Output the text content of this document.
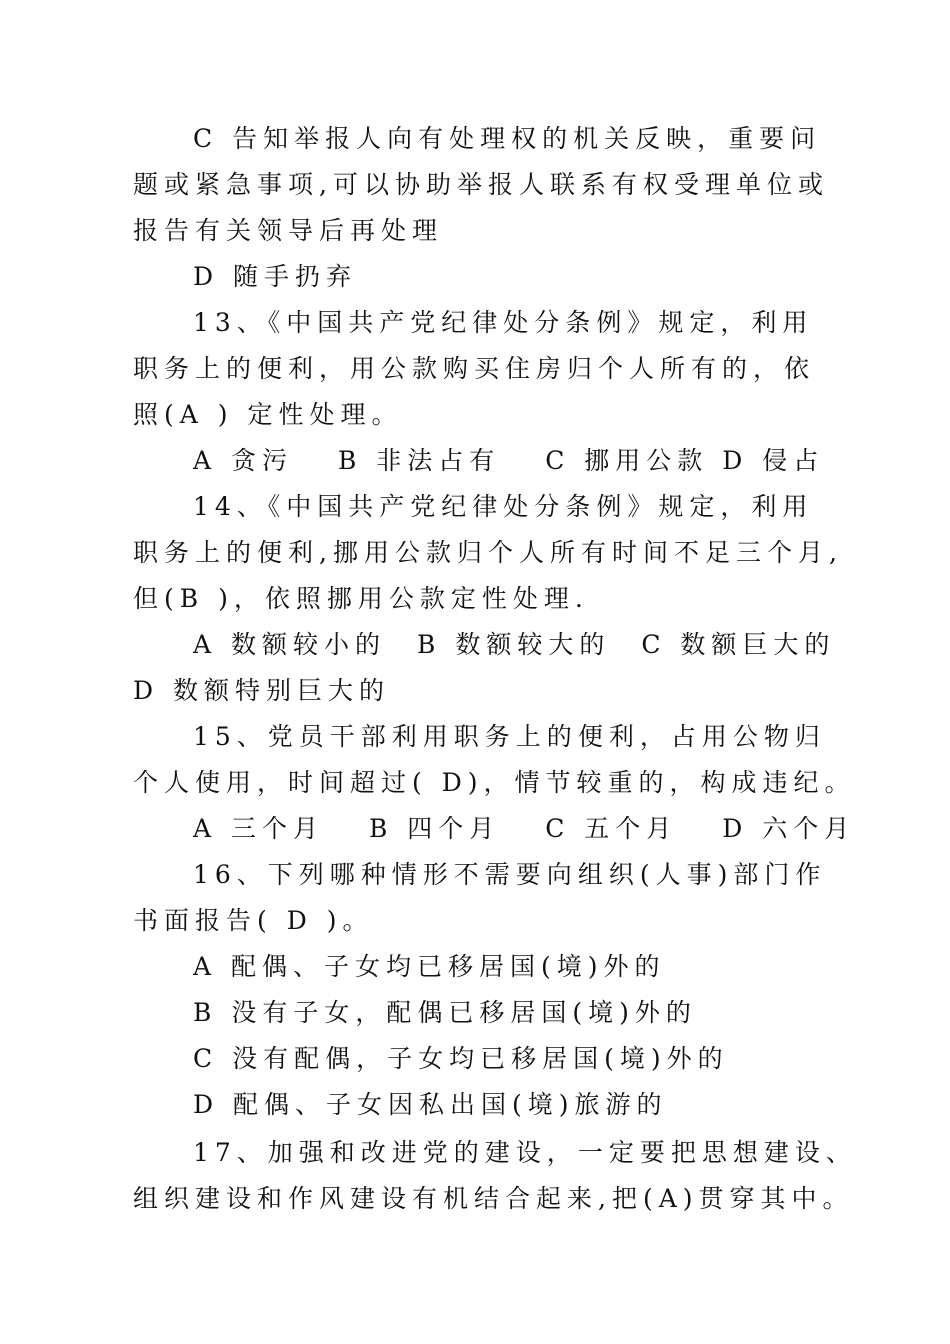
C 告知举报人向有处理权的机关反映，重要问
题或紧急事项,可以协助举报人联系有权受理单位或
报告有关领导后再处理
D 随手扔弃
13、《中国共产党纪律处分条例》规定，利用
职务上的便利，用公款购买住房归个人所有的，依
照(A ) 定性处理。
A 贪污　 B 非法占有　 C 挪用公款 D 侵占
14、《中国共产党纪律处分条例》规定，利用
职务上的便利,挪用公款归个人所有时间不足三个月,
但(B )，依照挪用公款定性处理.
A 数额较小的　B 数额较大的　C 数额巨大的
D 数额特别巨大的
15、党员干部利用职务上的便利，占用公物归
个人使用，时间超过( D)，情节较重的，构成违纪。
A 三个月　 B 四个月　 C 五个月　 D 六个月
16、下列哪种情形不需要向组织(人事)部门作
书面报告( D )。
A 配偶、子女均已移居国(境)外的
B 没有子女，配偶已移居国(境)外的
C 没有配偶，子女均已移居国(境)外的
D 配偶、子女因私出国(境)旅游的
17、加强和改进党的建设，一定要把思想建设、
组织建设和作风建设有机结合起来,把(A)贯穿其中。
